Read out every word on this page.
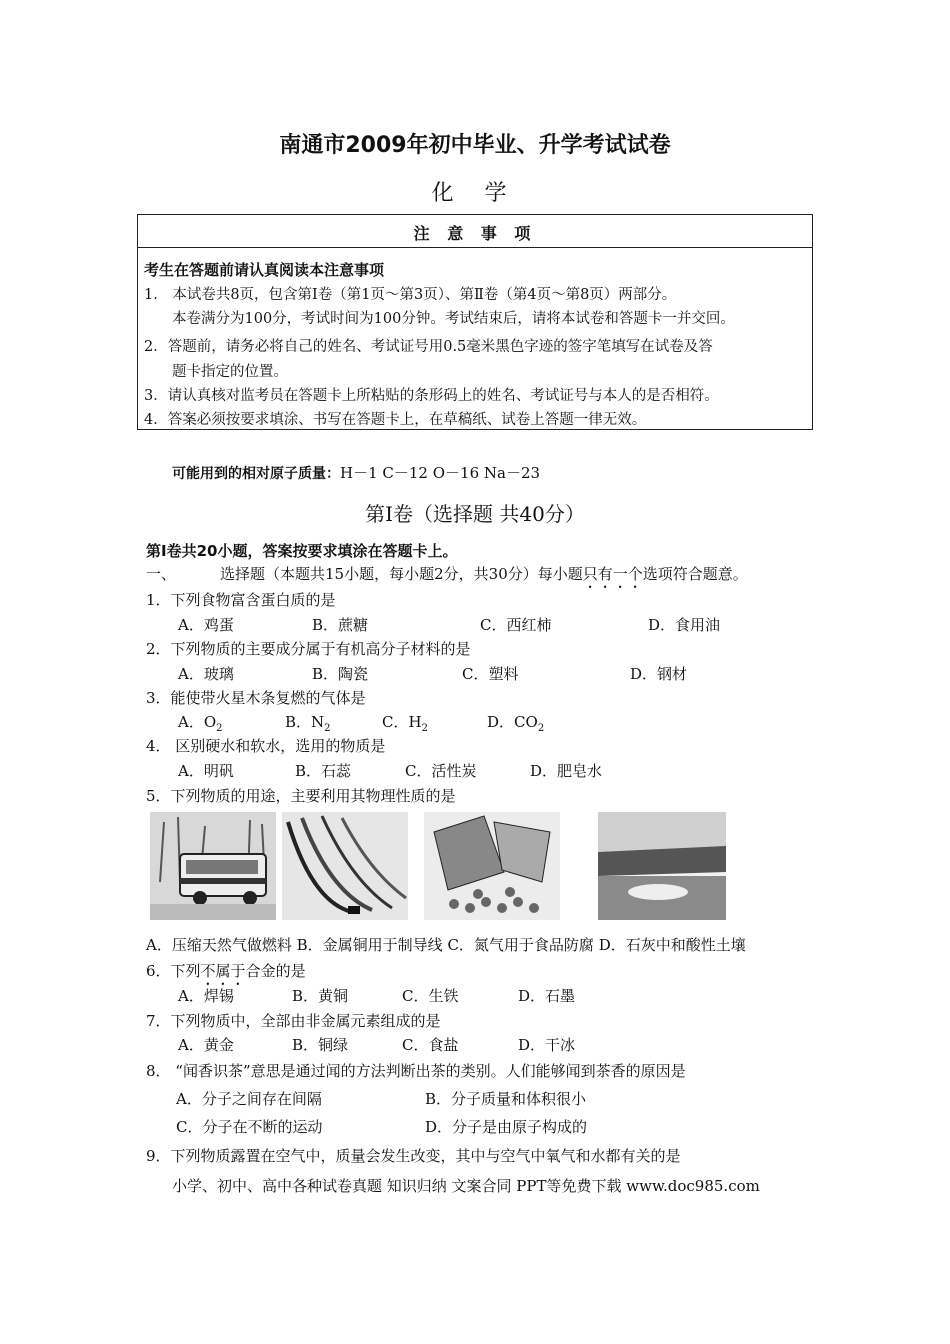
南通市2009年初中毕业、升学考试试卷
化 学
注 意 事 项
考生在答题前请认真阅读本注意事项
1.　本试卷共8页，包含第Ⅰ卷（第1页～第3页）、第Ⅱ卷（第4页～第8页）两部分。
本卷满分为100分，考试时间为100分钟。考试结束后，请将本试卷和答题卡一并交回。
2．答题前，请务必将自己的姓名、考试证号用0.5毫米黑色字迹的签字笔填写在试卷及答
题卡指定的位置。
3．请认真核对监考员在答题卡上所粘贴的条形码上的姓名、考试证号与本人的是否相符。
4．答案必须按要求填涂、书写在答题卡上，在草稿纸、试卷上答题一律无效。
可能用到的相对原子质量：H－1 C－12 O－16 Na－23
第Ⅰ卷（选择题 共40分）
第Ⅰ卷共20小题，答案按要求填涂在答题卡上。
一、	选择题（本题共15小题，每小题2分，共30分）每小题只有一个选项符合题意。
1．下列食物富含蛋白质的是
A．鸡蛋	B．蔗糖	C．西红柿	D．食用油
2．下列物质的主要成分属于有机高分子材料的是
A．玻璃	B．陶瓷	C．塑料	D．钢材
3．能使带火星木条复燃的气体是
A．$O_2$	B．$N_2$	C．$H_2$	D．$CO_2$
4． 区别硬水和软水，选用的物质是
A．明矾	B．石蕊	C．活性炭	D．肥皂水
5．下列物质的用途，主要利用其物理性质的是
A．压缩天然气做燃料 B．金属铜用于制导线 C．氮气用于食品防腐 D．石灰中和酸性土壤
6．下列不属于合金的是
A．焊锡	B．黄铜	C．生铁	D．石墨
7．下列物质中，全部由非金属元素组成的是
A．黄金	B．铜绿	C．食盐	D．干冰
8． “闻香识茶”意思是通过闻的方法判断出茶的类别。人们能够闻到茶香的原因是
A．分子之间存在间隔	B．分子质量和体积很小
C．分子在不断的运动	D．分子是由原子构成的
9．下列物质露置在空气中，质量会发生改变，其中与空气中氧气和水都有关的是
小学、初中、高中各种试卷真题 知识归纳 文案合同 PPT等免费下载 www.doc985.com
